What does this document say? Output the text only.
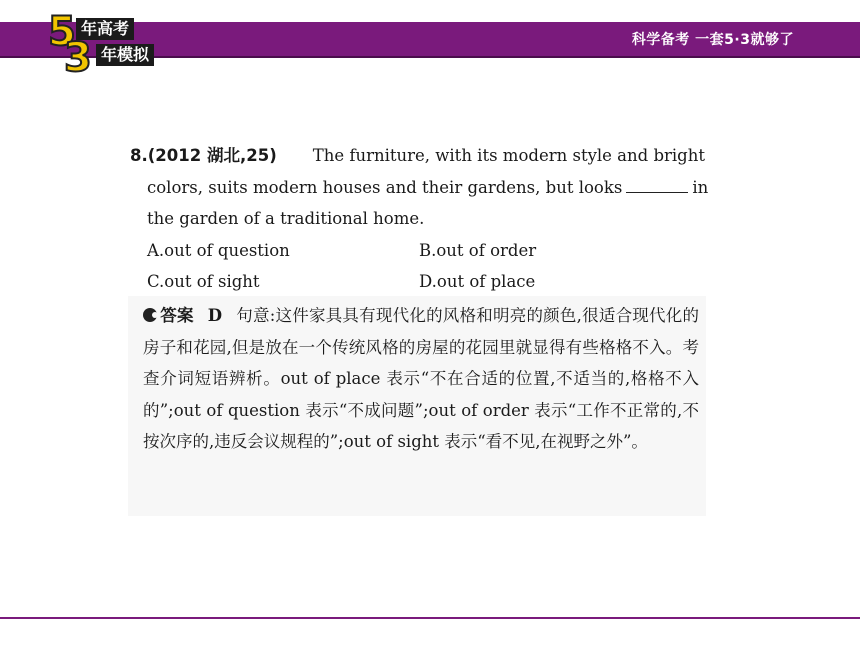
5 年高考
3 年模拟
科学备考 一套5·3就够了
8.(2012 湖北,25) The furniture, with its modern style and bright
colors, suits modern houses and their gardens, but looks	in
the garden of a traditional home.
A.out of question	B.out of order
C.out of sight	D.out of place
答案 D 句意:这件家具具有现代化的风格和明亮的颜色,很适合现代化的房子和花园,但是放在一个传统风格的房屋的花园里就显得有些格格不入。考查介词短语辨析。out of place 表示“不在合适的位置,不适当的,格格不入的”;out of question 表示“不成问题”;out of order 表示“工作不正常的,不按次序的,违反会议规程的”;out of sight 表示“看不见,在视野之外”。
